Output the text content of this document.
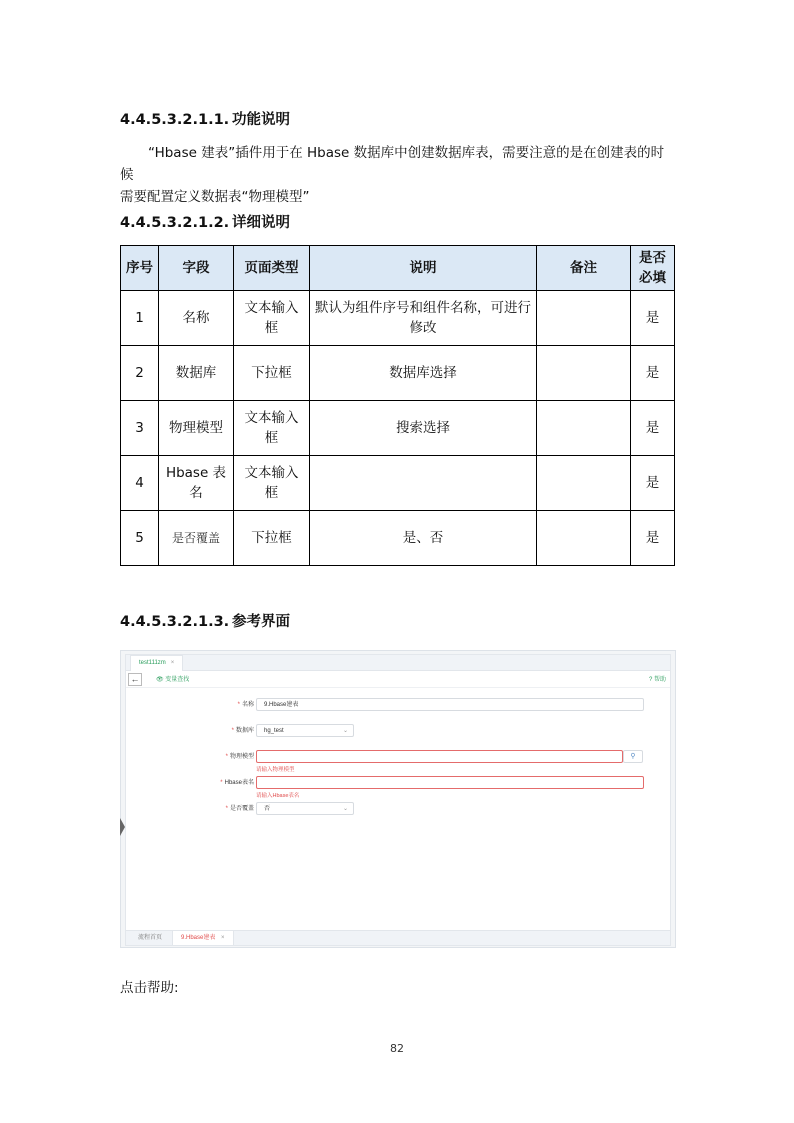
4.4.5.3.2.1.1. 功能说明
“Hbase 建表”插件用于在 Hbase 数据库中创建数据库表，需要注意的是在创建表的时候
需要配置定义数据表“物理模型”
4.4.5.3.2.1.2. 详细说明
序号	字段	页面类型	说明	备注	是否必填
1	名称	文本输入框	默认为组件序号和组件名称，可进行修改		是
2	数据库	下拉框	数据库选择		是
3	物理模型	文本输入框	搜索选择		是
4	Hbase 表名	文本输入框			是
5	是否覆盖	下拉框	是、否		是
4.4.5.3.2.1.3. 参考界面
test111zm ×
←	👁 变量查找	? 帮助
* 名称	9.Hbase建表
* 数据库	hg_test	⌄
* 物理模型	⚲
请输入物理模型
* Hbase表名
请输入Hbase表名
* 是否覆盖	否	⌄
流程首页	9.Hbase建表 ×
点击帮助:
82
